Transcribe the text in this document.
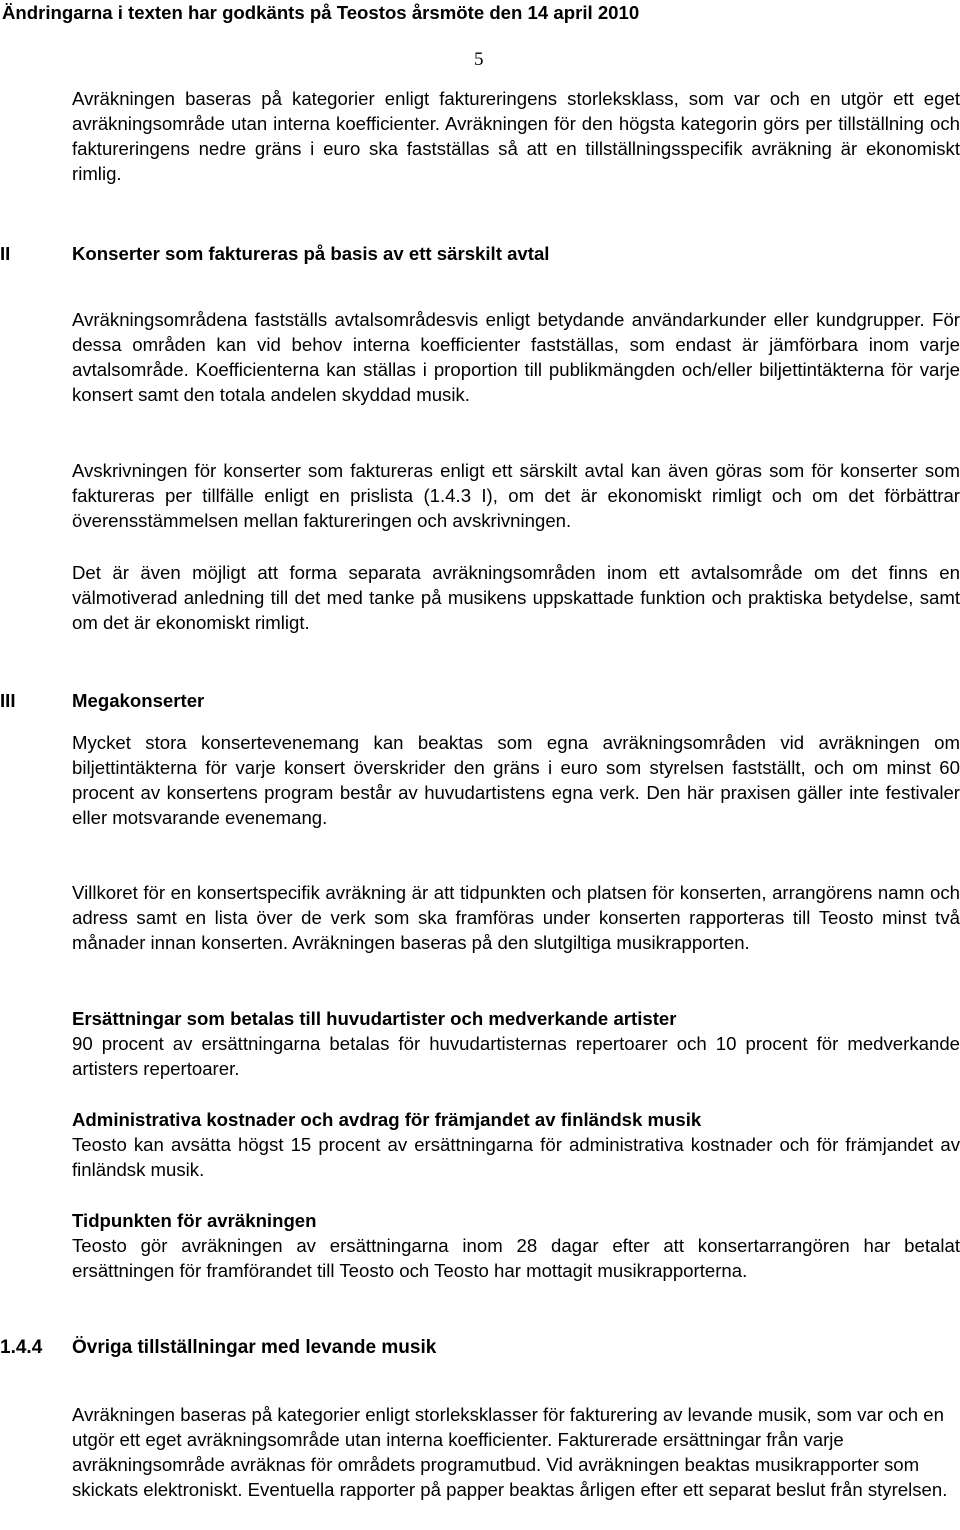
Ändringarna i texten har godkänts på Teostos årsmöte den 14 april 2010
5

Avräkningen baseras på kategorier enligt faktureringens storleksklass, som var och en utgör ett eget avräkningsområde utan interna koefficienter. Avräkningen för den högsta kategorin görs per tillställning och faktureringens nedre gräns i euro ska fastställas så att en tillställningsspecifik avräkning är ekonomiskt rimlig.

II	Konserter som faktureras på basis av ett särskilt avtal

Avräkningsområdena fastställs avtalsområdesvis enligt betydande användarkunder eller kundgrupper. För dessa områden kan vid behov interna koefficienter fastställas, som endast är jämförbara inom varje avtalsområde. Koefficienterna kan ställas i proportion till publikmängden och/eller biljettintäkterna för varje konsert samt den totala andelen skyddad musik.

Avskrivningen för konserter som faktureras enligt ett särskilt avtal kan även göras som för konserter som faktureras per tillfälle enligt en prislista (1.4.3 I), om det är ekonomiskt rimligt och om det förbättrar överensstämmelsen mellan faktureringen och avskrivningen.

Det är även möjligt att forma separata avräkningsområden inom ett avtalsområde om det finns en välmotiverad anledning till det med tanke på musikens uppskattade funktion och praktiska betydelse, samt om det är ekonomiskt rimligt.

III	Megakonserter

Mycket stora konsertevenemang kan beaktas som egna avräkningsområden vid avräkningen om biljettintäkterna för varje konsert överskrider den gräns i euro som styrelsen fastställt, och om minst 60 procent av konsertens program består av huvudartistens egna verk. Den här praxisen gäller inte festivaler eller motsvarande evenemang.

Villkoret för en konsertspecifik avräkning är att tidpunkten och platsen för konserten, arrangörens namn och adress samt en lista över de verk som ska framföras under konserten rapporteras till Teosto minst två månader innan konserten. Avräkningen baseras på den slutgiltiga musikrapporten.

Ersättningar som betalas till huvudartister och medverkande artister

90 procent av ersättningarna betalas för huvudartisternas repertoarer och 10 procent för medverkande artisters repertoarer.

Administrativa kostnader och avdrag för främjandet av finländsk musik

Teosto kan avsätta högst 15 procent av ersättningarna för administrativa kostnader och för främjandet av finländsk musik.

Tidpunkten för avräkningen

Teosto gör avräkningen av ersättningarna inom 28 dagar efter att konsertarrangören har betalat ersättningen för framförandet till Teosto och Teosto har mottagit musikrapporterna.

1.4.4 Övriga tillställningar med levande musik

Avräkningen baseras på kategorier enligt storleksklasser för fakturering av levande musik, som var och en utgör ett eget avräkningsområde utan interna koefficienter. Fakturerade ersättningar från varje avräkningsområde avräknas för områdets programutbud. Vid avräkningen beaktas musikrapporter som skickats elektroniskt. Eventuella rapporter på papper beaktas årligen efter ett separat beslut från styrelsen.
